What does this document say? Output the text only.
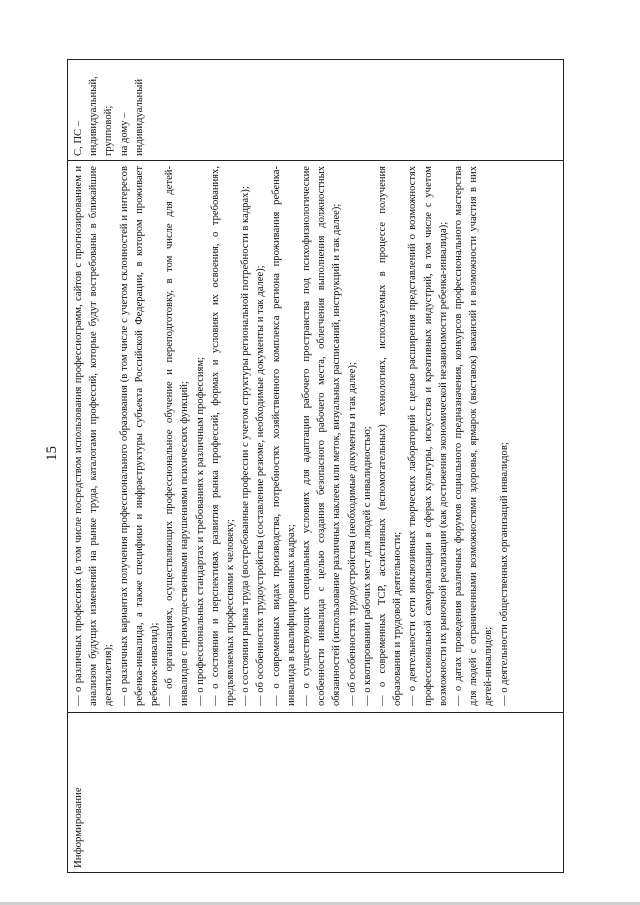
15
Информирование

— о различных профессиях (в том числе посредством использования профессиограмм, сайтов с прогнозированием и анализом будущих изменений на рынке труда, каталогами профессий, которые будут востребованы в ближайшие десятилетия); — о различных вариантах получения профессионального образования (в том числе с учетом склонностей и интересов ребенка-инвалида, а также специфики и инфраструктуры субъекта Российской Федерации, в котором проживает ребенок-инвалид); — об организациях, осуществляющих профессиональное обучение и переподготовку, в том числе для детей-инвалидов с преимущественными нарушениями психических функций; — о профессиональных стандартах и требованиях к различным профессиям; — о состоянии и перспективах развития рынка профессий, формах и условиях их освоения, о требованиях, предъявляемых профессиями к человеку; — о состоянии рынка труда (востребованные профессии с учетом структуры региональной потребности в кадрах); — об особенностях трудоустройства (составление резюме, необходимые документы и так далее); — о современных видах производства, потребностях хозяйственного комплекса региона проживания ребенка-инвалида в квалифицированных кадрах; — о существующих специальных условиях для адаптации рабочего пространства под психофизиологические особенности инвалида с целью создания безопасного рабочего места, облегчения выполнения должностных обязанностей (использование различных наклеек или меток, визуальных расписаний, инструкций и так далее); — об особенностях трудоустройства (необходимые документы и так далее); — о квотировании рабочих мест для людей с инвалидностью; — о современных ТСР, ассистивных (вспомогательных) технологиях, используемых в процессе получения образования и трудовой деятельности; — о деятельности сети инклюзивных творческих лабораторий с целью расширения представлений о возможностях профессиональной самореализации в сферах культуры, искусства и креативных индустрий, в том числе с учетом возможности их рыночной реализации (как достижения экономической независимости ребенка-инвалида); — о датах проведения различных форумов социального предназначения, конкурсов профессионального мастерства для людей с ограниченными возможностями здоровья, ярмарок (выставок) вакансий и возможности участия в них детей-инвалидов; — о деятельности общественных организаций инвалидов;

С, ПС – индивидуальный, групповой; на дому – индивидуальный
